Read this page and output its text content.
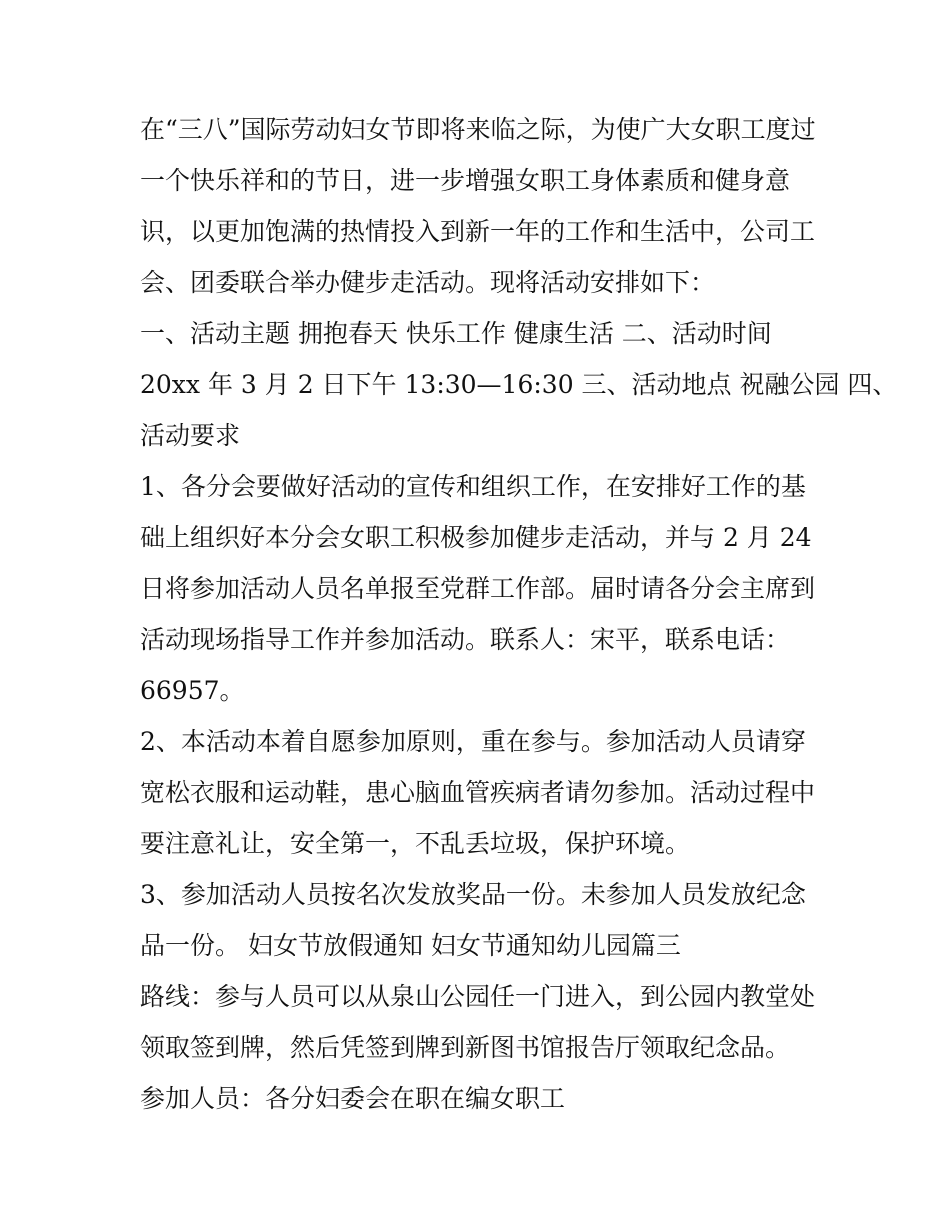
在“三八”国际劳动妇女节即将来临之际，为使广大女职工度过
一个快乐祥和的节日，进一步增强女职工身体素质和健身意
识，以更加饱满的热情投入到新一年的工作和生活中，公司工
会、团委联合举办健步走活动。现将活动安排如下：
一、活动主题 拥抱春天 快乐工作 健康生活 二、活动时间
20xx 年 3 月 2 日下午 13:30—16:30 三、活动地点 祝融公园 四、
活动要求
1、各分会要做好活动的宣传和组织工作，在安排好工作的基
础上组织好本分会女职工积极参加健步走活动，并与 2 月 24
日将参加活动人员名单报至党群工作部。届时请各分会主席到
活动现场指导工作并参加活动。联系人：宋平，联系电话：
66957。
2、本活动本着自愿参加原则，重在参与。参加活动人员请穿
宽松衣服和运动鞋，患心脑血管疾病者请勿参加。活动过程中
要注意礼让，安全第一，不乱丢垃圾，保护环境。
3、参加活动人员按名次发放奖品一份。未参加人员发放纪念
品一份。 妇女节放假通知 妇女节通知幼儿园篇三
路线：参与人员可以从泉山公园任一门进入，到公园内教堂处
领取签到牌，然后凭签到牌到新图书馆报告厅领取纪念品。
参加人员：各分妇委会在职在编女职工
